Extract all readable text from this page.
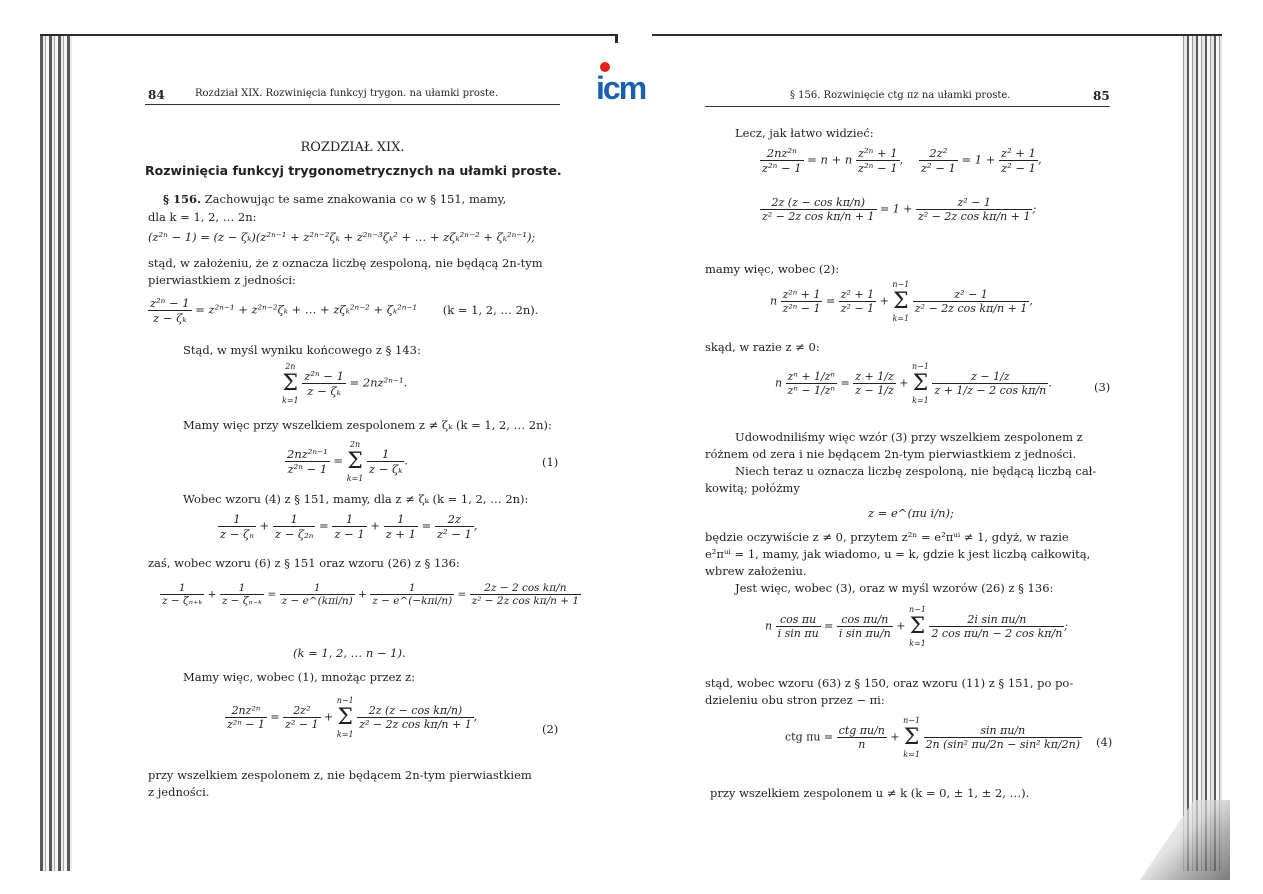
icm
84	Rozdział XIX. Rozwinięcia funkcyj trygon. na ułamki proste.
ROZDZIAŁ XIX.
Rozwinięcia funkcyj trygonometrycznych na ułamki proste.
§ 156. Zachowując te same znakowania co w § 151, mamy,
dla k = 1, 2, … 2n:
(z²ⁿ − 1) = (z − ζₖ)(z²ⁿ⁻¹ + z²ⁿ⁻²ζₖ + z²ⁿ⁻³ζₖ² + … + zζₖ²ⁿ⁻² + ζₖ²ⁿ⁻¹);
stąd, w założeniu, że z oznacza liczbę zespoloną, nie będącą 2n-tym
pierwiastkiem z jedności:
$\frac{\text{z²ⁿ − 1}}{\text{z − ζₖ}} = z^{2n-1} + z^{2n-2}\zeta_k$ + … + zζₖ²ⁿ⁻² + ζₖ²ⁿ⁻¹ (k = 1, 2, … 2n).
Stąd, w myśl wyniku końcowego z § 143:
2n
Σ
k=1

$\frac{\text{z²ⁿ − 1}}{\text{z − ζₖ}} = 2nz^{2n-1}$.
Mamy więc przy wszelkiem zespolonem z ≠ ζₖ (k = 1, 2, … 2n):
$\frac{\text{2nz²ⁿ⁻¹}}{\text{z²ⁿ − 1}}$ =
2n
Σ
k=1

$\frac{1}{\text{z − ζₖ}}$ .	(1)
Wobec wzoru (4) z § 151, mamy, dla z ≠ ζₖ (k = 1, 2, … 2n):
$\frac{1}{\text{z − ζₙ}} + \frac{1}{\text{z − ζ₂ₙ}} = \frac{1}{z - 1} + \frac{1}{z + 1} = \frac{2z}{\text{z² − 1}}$ ,
zaś, wobec wzoru (6) z § 151 oraz wzoru (26) z § 136:
$\frac{1}{\text{z − ζₙ₊ₖ}} + \frac{1}{\text{z − ζₙ₋ₖ}} = \frac{1}{\text{z − e\textasciicircum{}(kπi/n)}} + \frac{1}{\text{z − e\textasciicircum{}(−kπi/n)}} = \frac{\text{2z − 2 cos kπ/n}}{\text{z² − 2z cos kπ/n + 1}}$
(k = 1, 2, … n − 1).
Mamy więc, wobec (1), mnożąc przez z:
$\frac{\text{2nz²ⁿ}}{\text{z²ⁿ − 1}} = \frac{\text{2z²}}{\text{z² − 1}}$ +
n−1
Σ
k=1

$\frac{\text{2z (z − cos kπ/n)}}{\text{z² − 2z cos kπ/n + 1}}$ ,
(2)
przy wszelkiem zespolonem z, nie będącem 2n-tym pierwiastkiem
z jedności.
§ 156. Rozwinięcie ctg πz na ułamki proste.	85
Lecz, jak łatwo widzieć:
$\frac{\text{2nz²ⁿ}}{\text{z²ⁿ − 1}} = n + n \frac{\text{z²ⁿ + 1}}{\text{z²ⁿ − 1}}$ , $\frac{\text{2z²}}{\text{z² − 1}} = 1 + \frac{\text{z² + 1}}{\text{z² − 1}}$ ,
$\frac{\text{2z (z − cos kπ/n)}}{\text{z² − 2z cos kπ/n + 1}} = 1 + \frac{\text{z² − 1}}{\text{z² − 2z cos kπ/n + 1}}$ ;
mamy więc, wobec (2):
n $\frac{\text{z²ⁿ + 1}}{\text{z²ⁿ − 1}} = \frac{\text{z² + 1}}{\text{z² − 1}}$ +
n−1
Σ
k=1

$\frac{\text{z² − 1}}{\text{z² − 2z cos kπ/n + 1}}$ ,
skąd, w razie z ≠ 0:
n $\frac{\text{zⁿ + 1/zⁿ}}{\text{zⁿ − 1/zⁿ}} = \frac{z + 1/z}{z - 1/z}$ +
n−1
Σ
k=1

$\frac{z - 1/z}{\text{z + 1/z − 2 cos kπ/n}}$ .	(3)
Udowodniliśmy więc wzór (3) przy wszelkiem zespolonem z
różnem od zera i nie będącem 2n-tym pierwiastkiem z jedności.
Niech teraz u oznacza liczbę zespoloną, nie będącą liczbą cał-
kowitą; połóżmy
z = e^(πu i/n);
będzie oczywiście z ≠ 0, przytem z²ⁿ = e²πᵘⁱ ≠ 1, gdyż, w razie
e²πᵘⁱ = 1, mamy, jak wiadomo, u = k, gdzie k jest liczbą całkowitą,
wbrew założeniu.
Jest więc, wobec (3), oraz w myśl wzorów (26) z § 136:
n $\frac{\text{cos πu}}{\text{i sin πu}} = \frac{\text{cos πu/n}}{\text{i sin πu/n}}$ +
n−1
Σ
k=1

$\frac{\text{2i sin πu/n}}{\text{2 cos πu/n − 2 cos kπ/n}}$ ;
stąd, wobec wzoru (63) z § 150, oraz wzoru (11) z § 151, po po-
dzieleniu obu stron przez − πi:
ctg $\pi u = \frac{\text{ctg πu/n}}{n}$ +
n−1
Σ
k=1

$\frac{\text{sin πu/n}}{\text{2n (sin² πu/2n − sin² kπ/2n)}} (4)$
przy wszelkiem zespolonem u ≠ k (k = 0, ± 1, ± 2, …).
